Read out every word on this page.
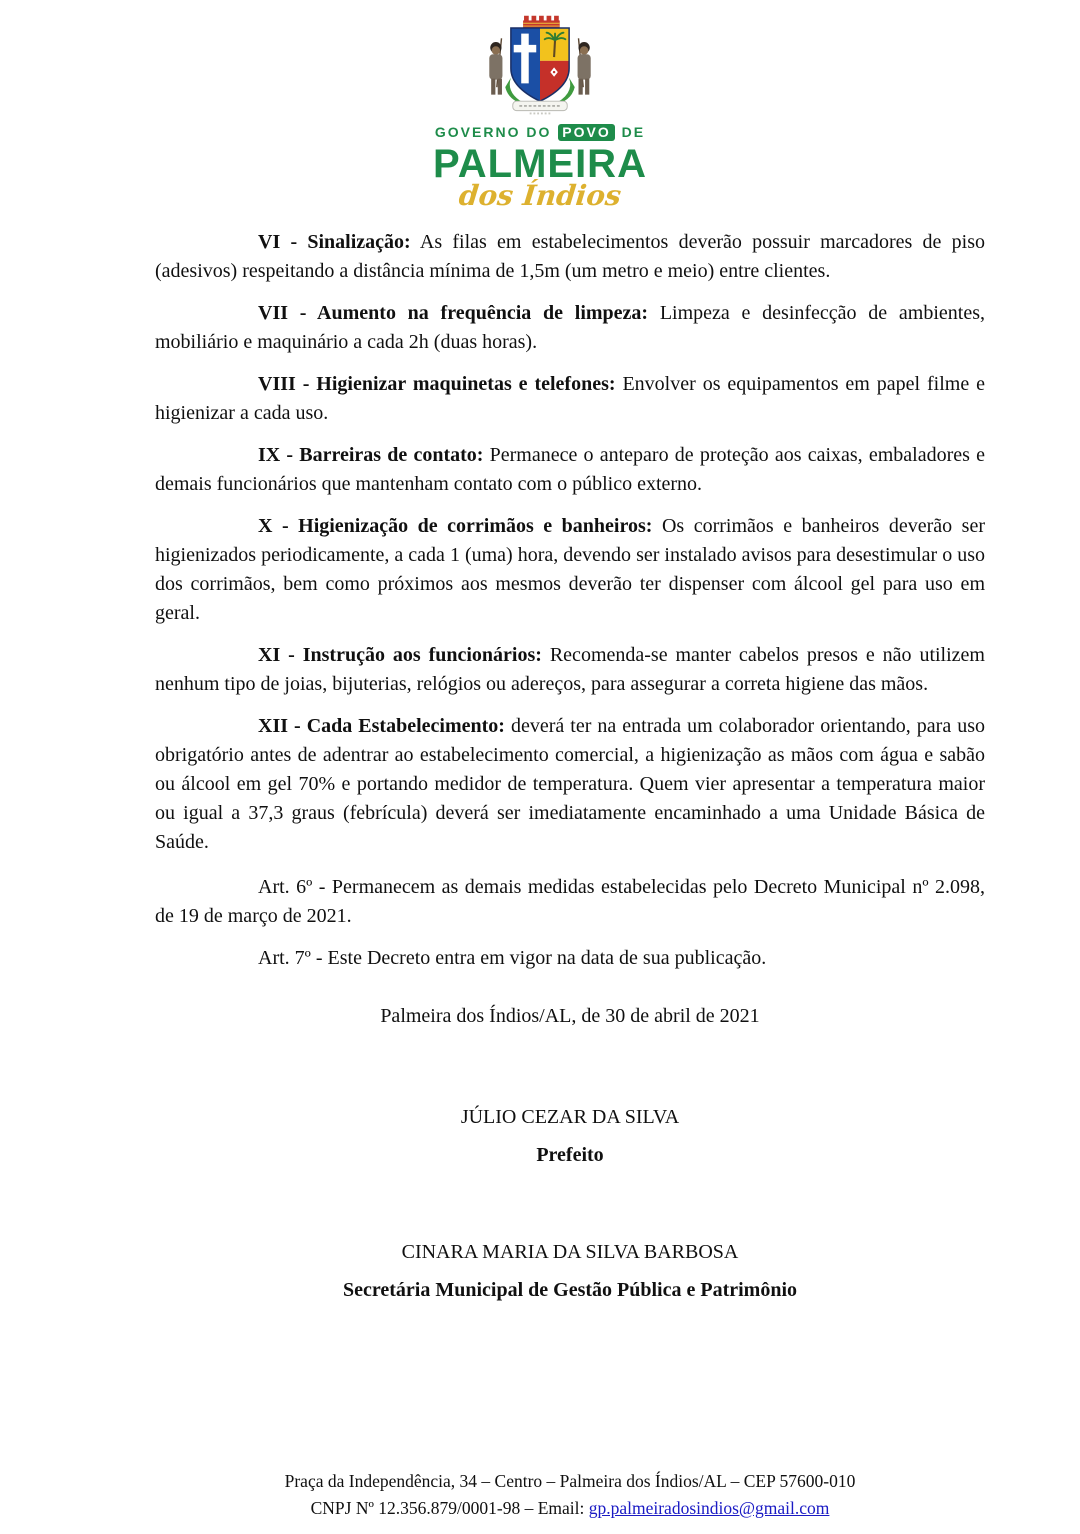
GOVERNO DO POVO DE
PALMEIRA
dos Índios

VI - Sinalização: As filas em estabelecimentos deverão possuir marcadores de piso (adesivos) respeitando a distância mínima de 1,5m (um metro e meio) entre clientes.

VII - Aumento na frequência de limpeza: Limpeza e desinfecção de ambientes, mobiliário e maquinário a cada 2h (duas horas).

VIII - Higienizar maquinetas e telefones: Envolver os equipamentos em papel filme e higienizar a cada uso.

IX - Barreiras de contato: Permanece o anteparo de proteção aos caixas, embaladores e demais funcionários que mantenham contato com o público externo.

X - Higienização de corrimãos e banheiros: Os corrimãos e banheiros deverão ser higienizados periodicamente, a cada 1 (uma) hora, devendo ser instalado avisos para desestimular o uso dos corrimãos, bem como próximos aos mesmos deverão ter dispenser com álcool gel para uso em geral.

XI - Instrução aos funcionários: Recomenda-se manter cabelos presos e não utilizem nenhum tipo de joias, bijuterias, relógios ou adereços, para assegurar a correta higiene das mãos.

XII - Cada Estabelecimento: deverá ter na entrada um colaborador orientando, para uso obrigatório antes de adentrar ao estabelecimento comercial, a higienização as mãos com água e sabão ou álcool em gel 70% e portando medidor de temperatura. Quem vier apresentar a temperatura maior ou igual a 37,3 graus (febrícula) deverá ser imediatamente encaminhado a uma Unidade Básica de Saúde.

Art. 6º - Permanecem as demais medidas estabelecidas pelo Decreto Municipal nº 2.098, de 19 de março de 2021.

Art. 7º - Este Decreto entra em vigor na data de sua publicação.

Palmeira dos Índios/AL, de 30 de abril de 2021

JÚLIO CEZAR DA SILVA
Prefeito
CINARA MARIA DA SILVA BARBOSA
Secretária Municipal de Gestão Pública e Patrimônio
Praça da Independência, 34 – Centro – Palmeira dos Índios/AL – CEP 57600-010
CNPJ Nº 12.356.879/0001-98 – Email: gp.palmeiradosindios@gmail.com
